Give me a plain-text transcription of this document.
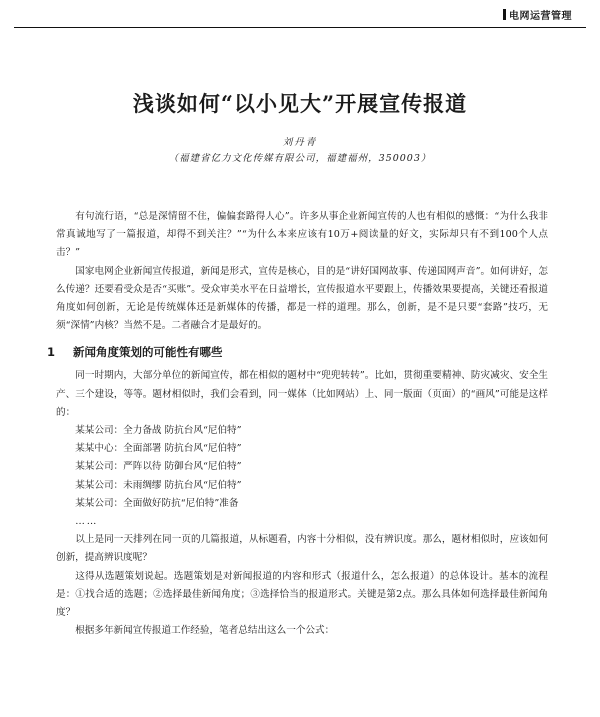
电网运营管理
浅谈如何“以小见大”开展宣传报道

刘丹青

（福建省亿力文化传媒有限公司，福建福州，350003）

有句流行语，“总是深情留不住，偏偏套路得人心”。许多从事企业新闻宣传的人也有相似的感慨：“为什么我非常真诚地写了一篇报道，却得不到关注？”“为什么本来应该有10万+阅读量的好文，实际却只有不到100个人点击？”

国家电网企业新闻宣传报道，新闻是形式，宣传是核心，目的是“讲好国网故事、传递国网声音”。如何讲好，怎么传递？还要看受众是否“买账”。受众审美水平在日益增长，宣传报道水平要跟上，传播效果要提高，关键还看报道角度如何创新，无论是传统媒体还是新媒体的传播，都是一样的道理。那么，创新，是不是只要“套路”技巧，无须“深情”内核？当然不是。二者融合才是最好的。

1 新闻角度策划的可能性有哪些

同一时期内，大部分单位的新闻宣传，都在相似的题材中“兜兜转转”。比如，贯彻重要精神、防灾减灾、安全生产、三个建设，等等。题材相似时，我们会看到，同一媒体（比如网站）上、同一版面（页面）的“画风”可能是这样的：

某某公司：全力备战 防抗台风“尼伯特”

某某中心：全面部署 防抗台风“尼伯特”

某某公司：严阵以待 防御台风“尼伯特”

某某公司：未雨绸缪 防抗台风“尼伯特”

某某公司：全面做好防抗“尼伯特”准备

……

以上是同一天排列在同一页的几篇报道，从标题看，内容十分相似，没有辨识度。那么，题材相似时，应该如何创新，提高辨识度呢？

这得从选题策划说起。选题策划是对新闻报道的内容和形式（报道什么，怎么报道）的总体设计。基本的流程是：①找合适的选题；②选择最佳新闻角度；③选择恰当的报道形式。关键是第2点。那么具体如何选择最佳新闻角度？

根据多年新闻宣传报道工作经验，笔者总结出这么一个公式：
